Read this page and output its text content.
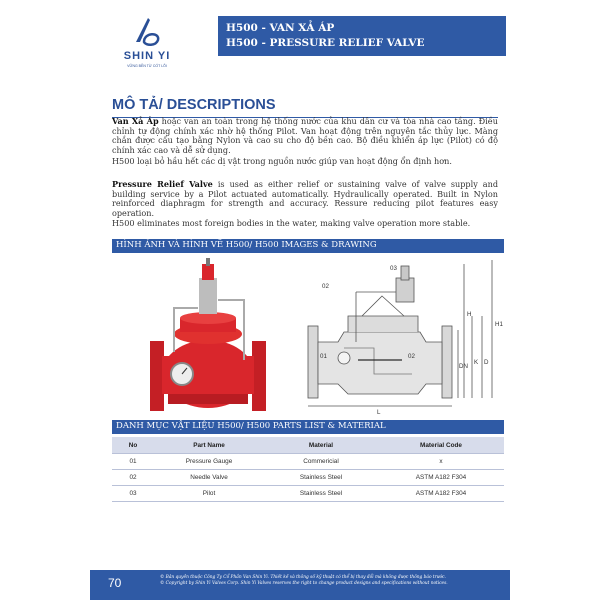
SHIN YI
VỮNG BỀN TỪ CỐT LÕI
H500 - VAN XẢ ÁP
H500 - PRESSURE RELIEF VALVE
MÔ TẢ/ DESCRIPTIONS
Van Xả Áp hoặc van an toàn trong hệ thống nước của khu dân cư và tòa nhà cao tầng. Điều chỉnh tự động chính xác nhờ hệ thống Pilot. Van hoạt động trên nguyên tắc thủy lực. Màng chắn được cấu tạo bằng Nylon và cao su cho độ bền cao. Bộ điều khiển áp lực (Pilot) có độ chính xác cao và dễ sử dụng.
H500 loại bỏ hầu hết các dị vật trong nguồn nước giúp van hoạt động ổn định hơn.
Pressure Relief Valve is used as either relief or sustaining valve of valve supply and building service by a Pilot actuated automatically. Hydraulically operated. Built in Nylon reinforced diaphragm for strength and accuracy. Ressure reducing pilot features easy operation.
H500 eliminates most foreign bodies in the water, making valve operation more stable.
HÌNH ẢNH VÀ HÌNH VẼ H500/ H500 IMAGES & DRAWING
03
02
01	02
L
H
H1
DN
K D
DANH MỤC VẬT LIỆU H500/ H500 PARTS LIST & MATERIAL
No	Part Name	Material	Material Code
01	Pressure Gauge	Commericial	x
02	Needle Valve	Stainless Steel	ASTM A182 F304
03	Pilot	Stainless Steel	ASTM A182 F304
70	© Bản quyền thuộc Công Ty Cổ Phần Van Shin Yi. Thiết kế và thông số kỹ thuật có thể bị thay đổi mà không được thông báo trước.
© Copyright by Shin Yi Valves Corp. Shin Yi Valves reserves the right to change product designs and specifications without notices.
